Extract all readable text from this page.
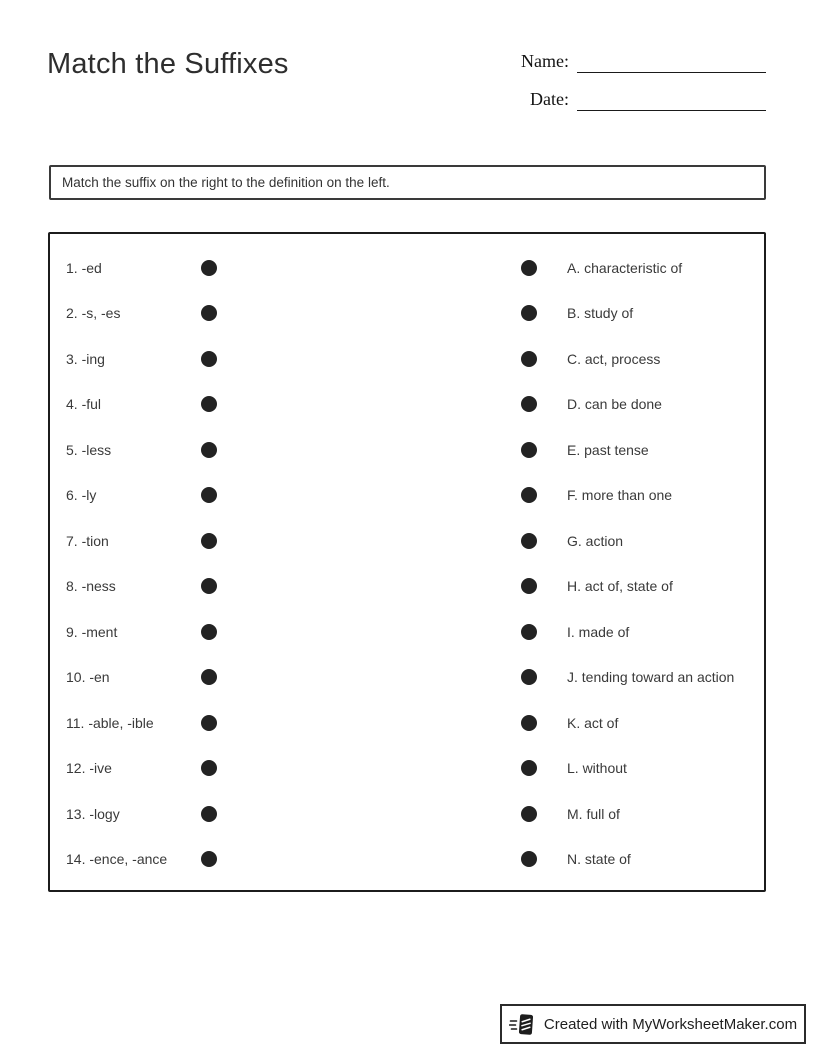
Match the Suffixes	Name:
Date:
Match the suffix on the right to the definition on the left.
1. -ed	A. characteristic of
2. -s, -es	B. study of
3. -ing	C. act, process
4. -ful	D. can be done
5. -less	E. past tense
6. -ly	F. more than one
7. -tion	G. action
8. -ness	H. act of, state of
9. -ment	I. made of
10. -en	J. tending toward an action
11. -able, -ible	K. act of
12. -ive	L. without
13. -logy	M. full of
14. -ence, -ance	N. state of
Created with MyWorksheetMaker.com
